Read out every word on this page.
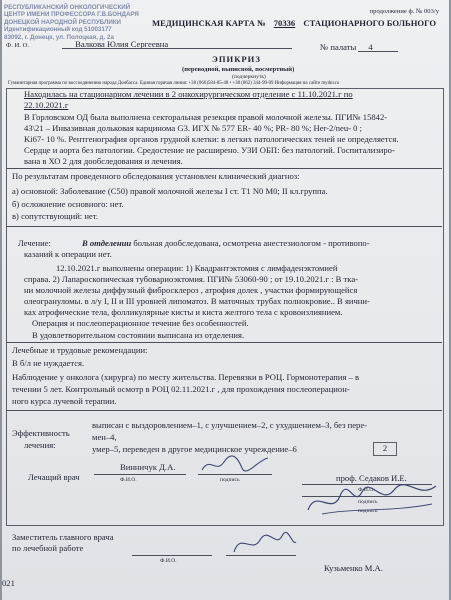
РЕСПУБЛИКАНСКИЙ ОНКОЛОГИЧЕСКИЙ
ЦЕНТР ИМЕНИ ПРОФЕССОРА Г.В.БОНДАРЯ
ДОНЕЦКОЙ НАРОДНОЙ РЕСПУБЛИКИ
Идентификационный код 51003177
83092, г. Донецк, ул. Полоцкая, д. 2а
продолжение ф. № 003/у
МЕДИЦИНСКАЯ КАРТА № 70336 СТАЦИОНАРНОГО БОЛЬНОГО
Ф. И. О.	Валкова Юлия Сергеевна	№ палаты 4
ЭПИКРИЗ
(переводной, выписной, посмертный)
(подчеркнуть)
Гуманитарная программа по воссоединению народа Донбасса. Единая горячая линия: +38 (066)584-85-48 • +38 (062) 344-99-09 Информация на сайте mydnr.ru
Находилась на стационарном лечении в 2 онкохирургическом отделение с 11.10.2021.г по
22.10.2021.г
В Горловском ОД была выполнена секторальная резекция правой молочной железы. ПГИ№ 15842-
43\21 – Инвазивная дольковая карцинома G3. ИГХ № 577 ER- 40 %; PR- 80 %; Her-2/neu- 0 ;
Ki67- 10 %. Рентгенография органов грудной клетки: в легких патологических теней не определяется.
Сердце и аорта без патологии. Средостение не расширено. УЗИ ОБП: без патологий. Госпитализиро-
вана в ХО 2 для дообследования и лечения.
По результатам проведенного обследования установлен клинический диагноз:
а) основной: Заболевание (С50) правой молочной железы I ст. Т1 N0 M0; II кл.группа.
б) осложнение основного: нет.
в) сопутствующий: нет.
Лечение:	В отделении больная дообследована, осмотрена анестезиологом - противопо-
казаний к операции нет.
12.10.2021.г выполнены операции: 1) Квадрантэктомия с лимфаденэктомией
справа. 2) Лапароскопическая тубовариоэктомия. ПГИ№ 53060-90 ; от 19.10.2021.г : В тка-
ни молочной железы диффузный фибросклероз , атрофия долек , участки формирующейся
олеогрануломы. в л/у I, II и III уровней липоматоз. В маточных трубах полнокровие.. В яични-
ках атрофические тела, фолликулярные кисты и киста желтого тела с кровоизлиянием.
Операция и послеоперационное течение без особенностей.
В удовлетворительном состоянии выписана из отделения.
Лечебные и трудовые рекомендации:
В б/л не нуждается.
Наблюдение у онколога (хирурга) по месту жительства. Перевязки в РОЦ. Гормонотерапия – в
течении 5 лет. Контрольный осмотр в РОЦ 02.11.2021.г , для прохождения послеоперацион-
ного курса лучевой терапии.
Эффективность
лечения:
выписан с выздоровлением–1, с улучшением–2, с ухудшением–3, без пере-
мен–4,
умер–5, переведен в другое медицинское учреждение–6	2
Лечащий врач
Винничук Д.А.
Ф.И.О.	подпись	проф. Седаков И.Е.
Ф.И.О.
подпись
подпись
Заместитель главного врача
по лечебной работе
Ф.И.О.
Кузьменко М.А.
021
